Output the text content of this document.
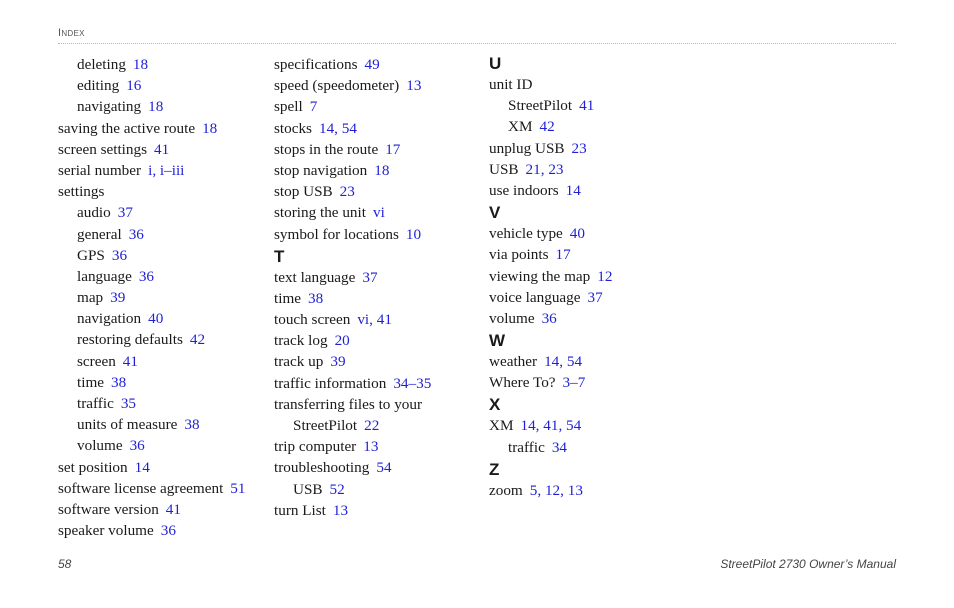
Index
deleting 18
editing 16
navigating 18
saving the active route 18
screen settings 41
serial number i, i–iii
settings
audio 37
general 36
GPS 36
language 36
map 39
navigation 40
restoring defaults 42
screen 41
time 38
traffic 35
units of measure 38
volume 36
set position 14
software license agreement 51
software version 41
speaker volume 36
specifications 49
speed (speedometer) 13
spell 7
stocks 14, 54
stops in the route 17
stop navigation 18
stop USB 23
storing the unit vi
symbol for locations 10
T
text language 37
time 38
touch screen vi, 41
track log 20
track up 39
traffic information 34–35
transferring files to your
StreetPilot 22
trip computer 13
troubleshooting 54
USB 52
turn List 13
U
unit ID
StreetPilot 41
XM 42
unplug USB 23
USB 21, 23
use indoors 14
V
vehicle type 40
via points 17
viewing the map 12
voice language 37
volume 36
W
weather 14, 54
Where To? 3–7
X
XM 14, 41, 54
traffic 34
Z
zoom 5, 12, 13
58	StreetPilot 2730 Owner’s Manual
